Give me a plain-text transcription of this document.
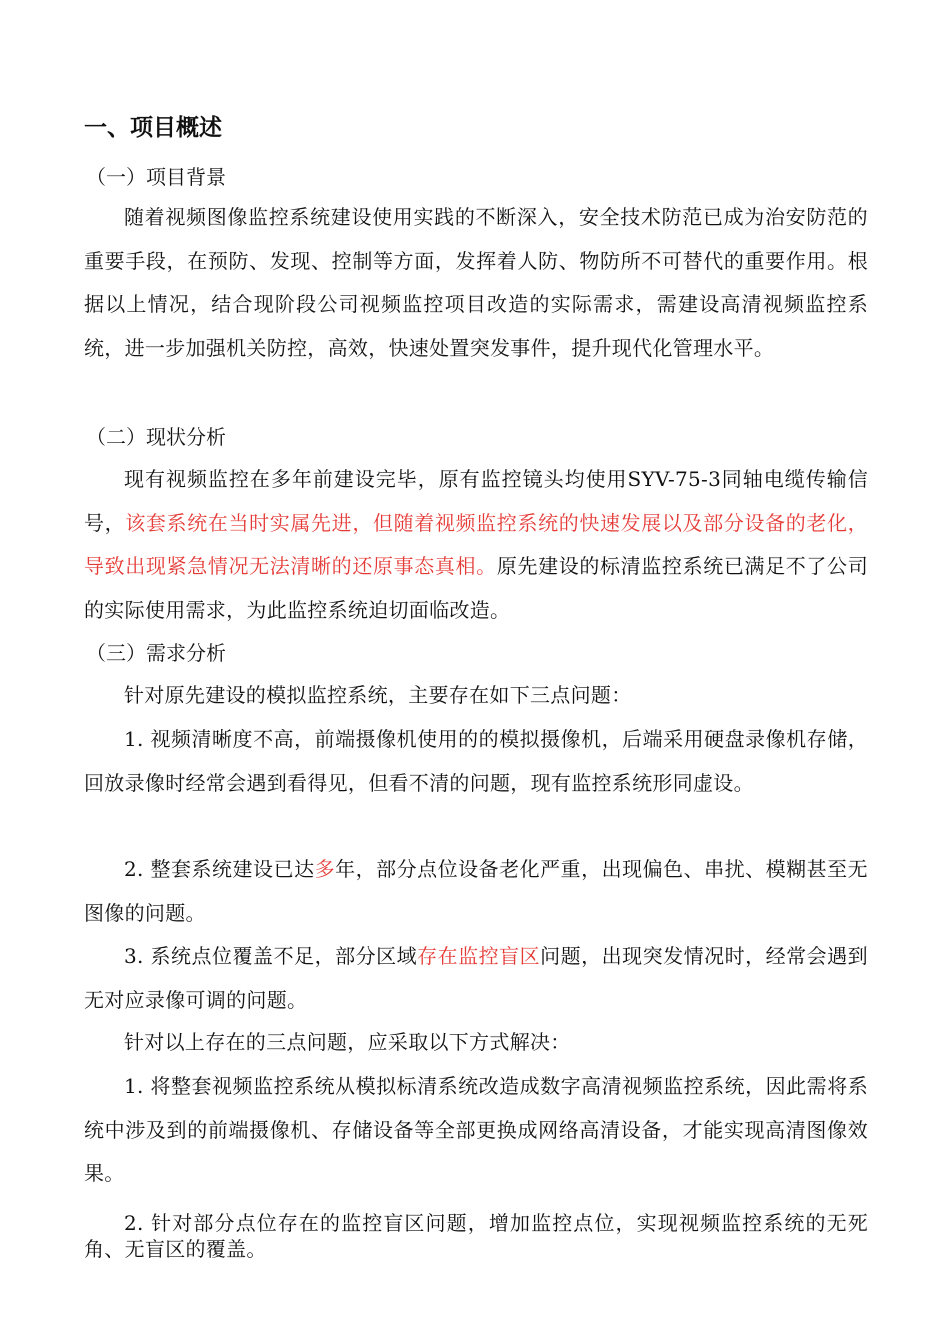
一、项目概述

（一）项目背景

随着视频图像监控系统建设使用实践的不断深入，安全技术防范已成为治安防范的重要手段，在预防、发现、控制等方面，发挥着人防、物防所不可替代的重要作用。根据以上情况，结合现阶段公司视频监控项目改造的实际需求，需建设高清视频监控系统，进一步加强机关防控，高效，快速处置突发事件，提升现代化管理水平。

（二）现状分析

现有视频监控在多年前建设完毕，原有监控镜头均使用SYV-75-3同轴电缆传输信号，该套系统在当时实属先进，但随着视频监控系统的快速发展以及部分设备的老化，导致出现紧急情况无法清晰的还原事态真相。原先建设的标清监控系统已满足不了公司的实际使用需求，为此监控系统迫切面临改造。

（三）需求分析

针对原先建设的模拟监控系统，主要存在如下三点问题：

1. 视频清晰度不高，前端摄像机使用的的模拟摄像机，后端采用硬盘录像机存储，回放录像时经常会遇到看得见，但看不清的问题，现有监控系统形同虚设。

2. 整套系统建设已达多年，部分点位设备老化严重，出现偏色、串扰、模糊甚至无图像的问题。

3. 系统点位覆盖不足，部分区域存在监控盲区问题，出现突发情况时，经常会遇到无对应录像可调的问题。

针对以上存在的三点问题，应采取以下方式解决：

1. 将整套视频监控系统从模拟标清系统改造成数字高清视频监控系统，因此需将系统中涉及到的前端摄像机、存储设备等全部更换成网络高清设备，才能实现高清图像效果。

2. 针对部分点位存在的监控盲区问题，增加监控点位，实现视频监控系统的无死角、无盲区的覆盖。
